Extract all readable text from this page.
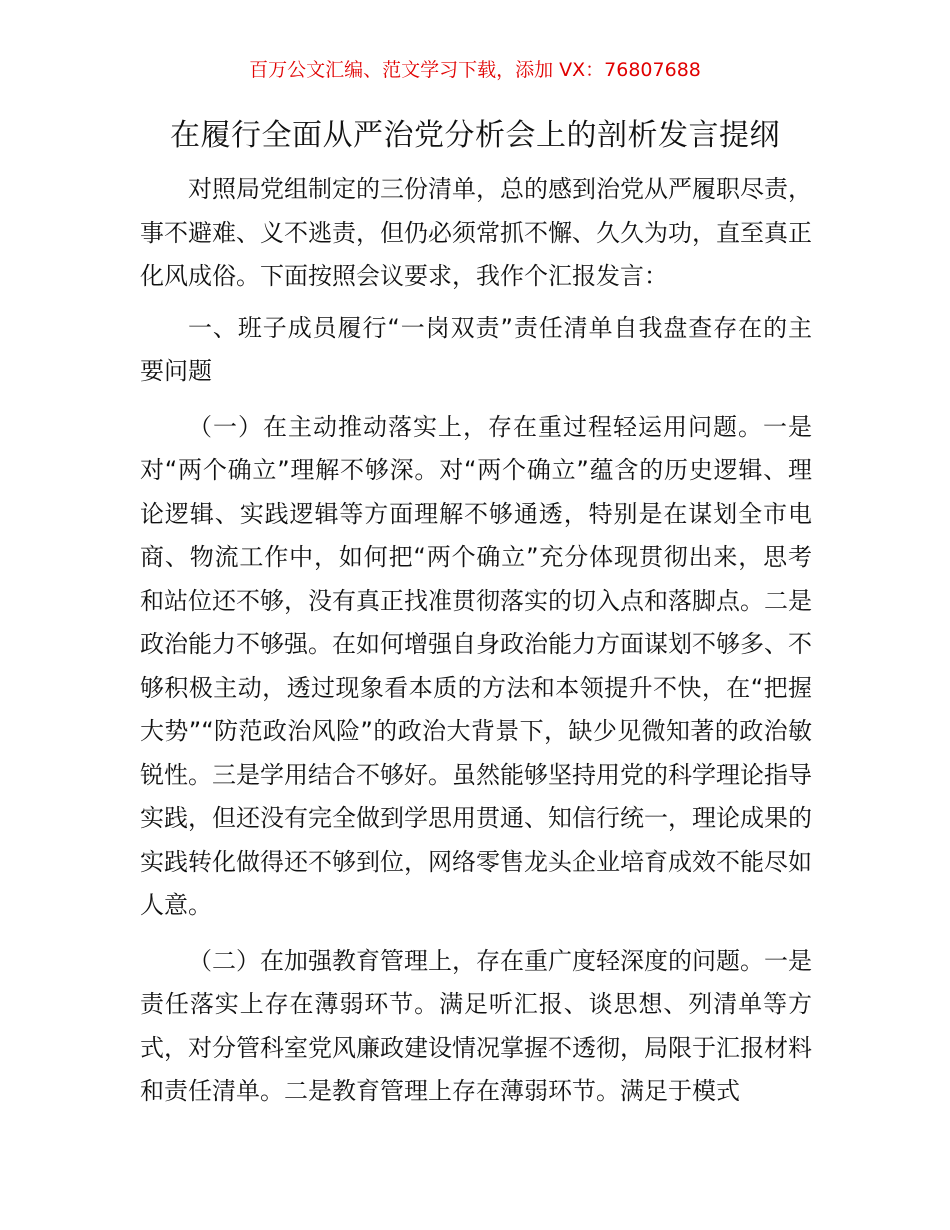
百万公文汇编、范文学习下载，添加 VX：76807688
在履行全面从严治党分析会上的剖析发言提纲

对照局党组制定的三份清单，总的感到治党从严履职尽责，事不避难、义不逃责，但仍必须常抓不懈、久久为功，直至真正化风成俗。下面按照会议要求，我作个汇报发言：

一、班子成员履行“一岗双责”责任清单自我盘查存在的主要问题

（一）在主动推动落实上，存在重过程轻运用问题。一是对“两个确立”理解不够深。对“两个确立”蕴含的历史逻辑、理论逻辑、实践逻辑等方面理解不够通透，特别是在谋划全市电商、物流工作中，如何把“两个确立”充分体现贯彻出来，思考和站位还不够，没有真正找准贯彻落实的切入点和落脚点。二是政治能力不够强。在如何增强自身政治能力方面谋划不够多、不够积极主动，透过现象看本质的方法和本领提升不快，在“把握大势”“防范政治风险”的政治大背景下，缺少见微知著的政治敏锐性。三是学用结合不够好。虽然能够坚持用党的科学理论指导实践，但还没有完全做到学思用贯通、知信行统一，理论成果的实践转化做得还不够到位，网络零售龙头企业培育成效不能尽如人意。

（二）在加强教育管理上，存在重广度轻深度的问题。一是责任落实上存在薄弱环节。满足听汇报、谈思想、列清单等方式，对分管科室党风廉政建设情况掌握不透彻，局限于汇报材料和责任清单。二是教育管理上存在薄弱环节。满足于模式
